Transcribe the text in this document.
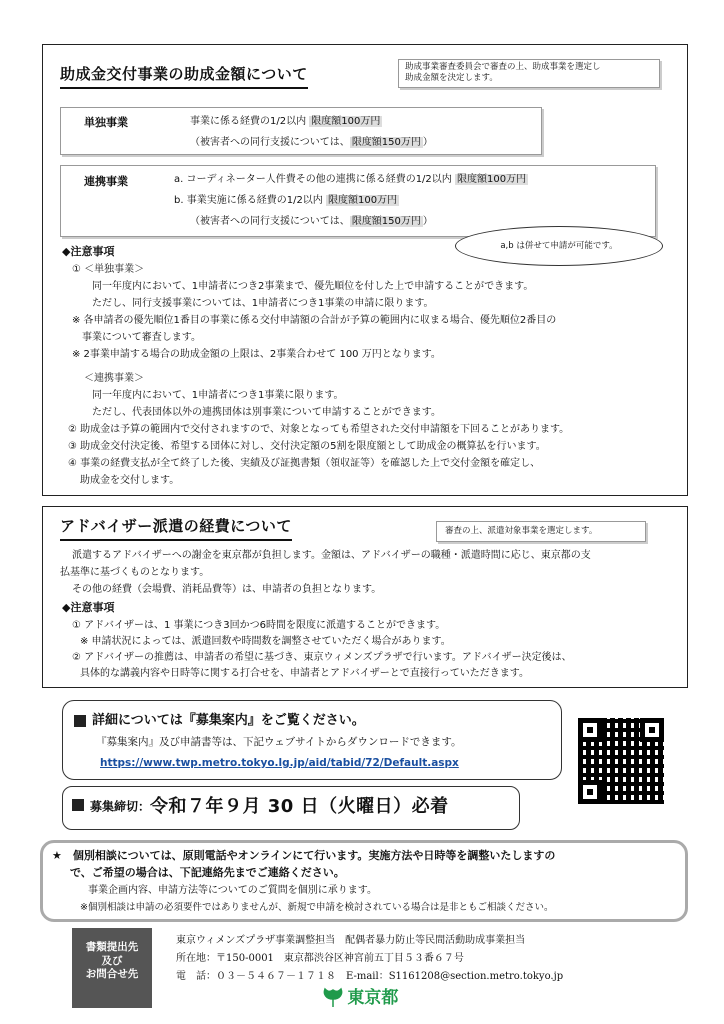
助成金交付事業の助成金額について	助成事業審査委員会で審査の上、助成事業を選定し
助成金額を決定します。
単独事業	事業に係る経費の1/2以内 限度額100万円
（被害者への同行支援については、 限度額150万円 ）
連携事業	a. コーディネーター人件費その他の連携に係る経費の1/2以内 限度額100万円
b. 事業実施に係る経費の1/2以内 限度額100万円
（被害者への同行支援については、 限度額150万円 ）
a,b は併せて申請が可能です。
◆注意事項
① ＜単独事業＞
同一年度内において、1申請者につき2事業まで、優先順位を付した上で申請することができます。
ただし、同行支援事業については、1申請者につき1事業の申請に限ります。
※ 各申請者の優先順位1番目の事業に係る交付申請額の合計が予算の範囲内に収まる場合、優先順位2番目の
事業について審査します。
※ 2事業申請する場合の助成金額の上限は、2事業合わせて 100 万円となります。
＜連携事業＞
同一年度内において、1申請者につき1事業に限ります。
ただし、代表団体以外の連携団体は別事業について申請することができます。
② 助成金は予算の範囲内で交付されますので、対象となっても希望された交付申請額を下回ることがあります。
③ 助成金交付決定後、希望する団体に対し、交付決定額の5割を限度額として助成金の概算払を行います。
④ 事業の経費支払が全て終了した後、実績及び証拠書類（領収証等）を確認した上で交付金額を確定し、
助成金を交付します。
アドバイザー派遣の経費について	審査の上、派遣対象事業を選定します。
派遣するアドバイザーへの謝金を東京都が負担します。金額は、アドバイザーの職種・派遣時間に応じ、東京都の支
払基準に基づくものとなります。
その他の経費（会場費、消耗品費等）は、申請者の負担となります。
◆注意事項
① アドバイザーは、1 事業につき3回かつ6時間を限度に派遣することができます。
※ 申請状況によっては、派遣回数や時間数を調整させていただく場合があります。
② アドバイザーの推薦は、申請者の希望に基づき、東京ウィメンズプラザで行います。アドバイザー決定後は、
具体的な講義内容や日時等に関する打合せを、申請者とアドバイザーとで直接行っていただきます。
詳細については『募集案内』をご覧ください。
『募集案内』及び申請書等は、下記ウェブサイトからダウンロードできます。
https://www.twp.metro.tokyo.lg.jp/aid/tabid/72/Default.aspx
募集締切：令和７年９月 30 日（火曜日）必着
★　個別相談については、原則電話やオンラインにて行います。実施方法や日時等を調整いたしますの
で、ご希望の場合は、下記連絡先までご連絡ください。
事業企画内容、申請方法等についてのご質問を個別に承ります。
※個別相談は申請の必須要件ではありませんが、新規で申請を検討されている場合は是非ともご相談ください。
書類提出先
及び
お問合せ先
東京ウィメンズプラザ事業調整担当　配偶者暴力防止等民間活動助成事業担当
所在地：〒150-0001　東京都渋谷区神宮前五丁目５３番６７号
電　話：０３－５４６７－１７１８　E-mail：S1161208@section.metro.tokyo.jp
東京都
